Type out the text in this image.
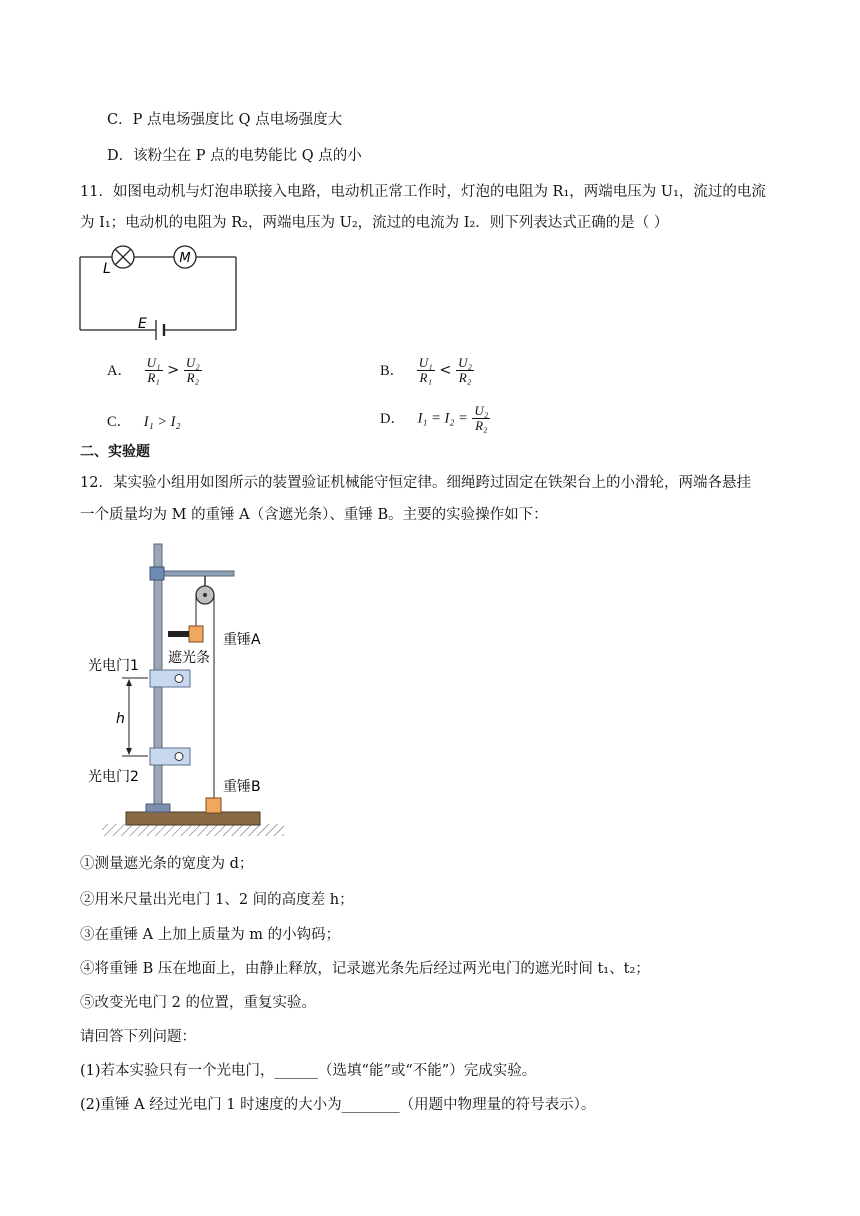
C．P 点电场强度比 Q 点电场强度大
D．该粉尘在 P 点的电势能比 Q 点的小
11．如图电动机与灯泡串联接入电路，电动机正常工作时，灯泡的电阻为 R₁，两端电压为 U₁，流过的电流
为 I₁；电动机的电阻为 R₂，两端电压为 U₂，流过的电流为 I₂．则下列表达式正确的是（ ）
M
L
E
A． $\frac{\text{U₁}}{\text{R₁}} > \frac{\text{U₂}}{\text{R₂}}$	B． $\frac{\text{U₁}}{\text{R₁}} < \frac{\text{U₂}}{\text{R₂}}$
C． I₁ > I₂	D． $I_1 = I_2 = \frac{\text{U₂}}{\text{R₂}}$
二、实验题
12．某实验小组用如图所示的装置验证机械能守恒定律。细绳跨过固定在铁架台上的小滑轮，两端各悬挂
一个质量均为 M 的重锤 A（含遮光条）、重锤 B。主要的实验操作如下：
重锤A
遮光条
光电门1
h
光电门2
重锤B
①测量遮光条的宽度为 d；
②用米尺量出光电门 1、2 间的高度差 h；
③在重锤 A 上加上质量为 m 的小钩码；
④将重锤 B 压在地面上，由静止释放，记录遮光条先后经过两光电门的遮光时间 t₁、t₂；
⑤改变光电门 2 的位置，重复实验。
请回答下列问题：
(1)若本实验只有一个光电门，______（选填“能”或“不能”）完成实验。
(2)重锤 A 经过光电门 1 时速度的大小为________（用题中物理量的符号表示）。
